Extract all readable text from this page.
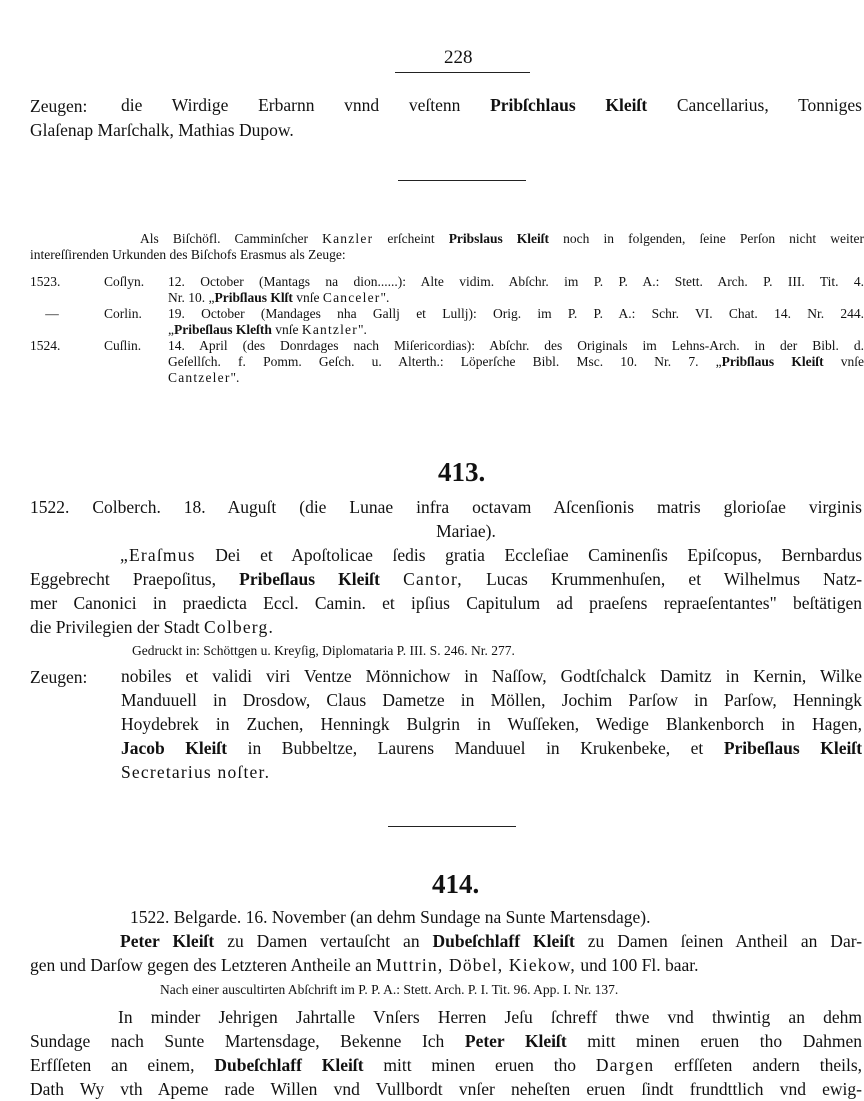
228
Zeugen: die Wirdige Erbarnn vnnd veſtenn Pribſchlaus Kleiſt Cancellarius, Tonniges

Glaſenap Marſchalk, Mathias Dupow.

Als Biſchöfl. Camminſcher Kanzler erſcheint Pribslaus Kleiſt noch in folgenden, ſeine Perſon nicht weiter
intereſſirenden Urkunden des Biſchofs Erasmus als Zeuge:
1523.	Coſlyn. 12. October (Mantags na dion......): Alte vidim. Abſchr. im P. P. A.: Stett. Arch. P. III. Tit. 4.
Nr. 10. „Pribſlaus Klſt vnſe Canceler".
—	Corlin. 19. October (Mandages nha Gallj et Lullj): Orig. im P. P. A.: Schr. VI. Chat. 14. Nr. 244.
„Pribeſlaus Kleſth vnſe Kantzler".
1524.	Cuſlin. 14. April (des Donrdages nach Miſericordias): Abſchr. des Originals im Lehns-Arch. in der Bibl. d.
Geſellſch. f. Pomm. Geſch. u. Alterth.: Löperſche Bibl. Msc. 10. Nr. 7. „Pribſlaus Kleiſt vnſe
Cantzeler".
413.

1522. Colberch. 18. Auguſt (die Lunae infra octavam Aſcenſionis matris glorioſae virginis

Mariae).

„Eraſmus Dei et Apoſtolicae ſedis gratia Eccleſiae Caminenſis Epiſcopus, Bernbardus

Eggebrecht Praepoſitus, Pribeſlaus Kleiſt Cantor, Lucas Krummenhuſen, et Wilhelmus Natz-

mer Canonici in praedicta Eccl. Camin. et ipſius Capitulum ad praeſens repraeſentantes" beſtätigen

die Privilegien der Stadt Colberg.

Gedruckt in: Schöttgen u. Kreyſig, Diplomataria P. III. S. 246. Nr. 277.
Zeugen: nobiles et validi viri Ventze Mönnichow in Naſſow, Godtſchalck Damitz in Kernin, Wilke

Manduuell in Drosdow, Claus Dametze in Möllen, Jochim Parſow in Parſow, Henningk

Hoydebrek in Zuchen, Henningk Bulgrin in Wuſſeken, Wedige Blankenborch in Hagen,

Jacob Kleiſt in Bubbeltze, Laurens Manduuel in Krukenbeke, et Pribeſlaus Kleiſt

Secretarius noſter.

414.

1522. Belgarde. 16. November (an dehm Sundage na Sunte Martensdage).

Peter Kleiſt zu Damen vertauſcht an Dubeſchlaff Kleiſt zu Damen ſeinen Antheil an Dar-

gen und Darſow gegen des Letzteren Antheile an Muttrin, Döbel, Kiekow, und 100 Fl. baar.

Nach einer auscultirten Abſchrift im P. P. A.: Stett. Arch. P. I. Tit. 96. App. I. Nr. 137.

In minder Jehrigen Jahrtalle Vnſers Herren Jeſu ſchreff thwe vnd thwintig an dehm

Sundage nach Sunte Martensdage, Bekenne Ich Peter Kleiſt mitt minen eruen tho Dahmen

Erfſſeten an einem, Dubeſchlaff Kleiſt mitt minen eruen tho Dargen erfſſeten andern theils,

Dath Wy vth Apeme rade Willen vnd Vullbordt vnſer neheſten eruen ſindt frundttlich vnd ewig-
